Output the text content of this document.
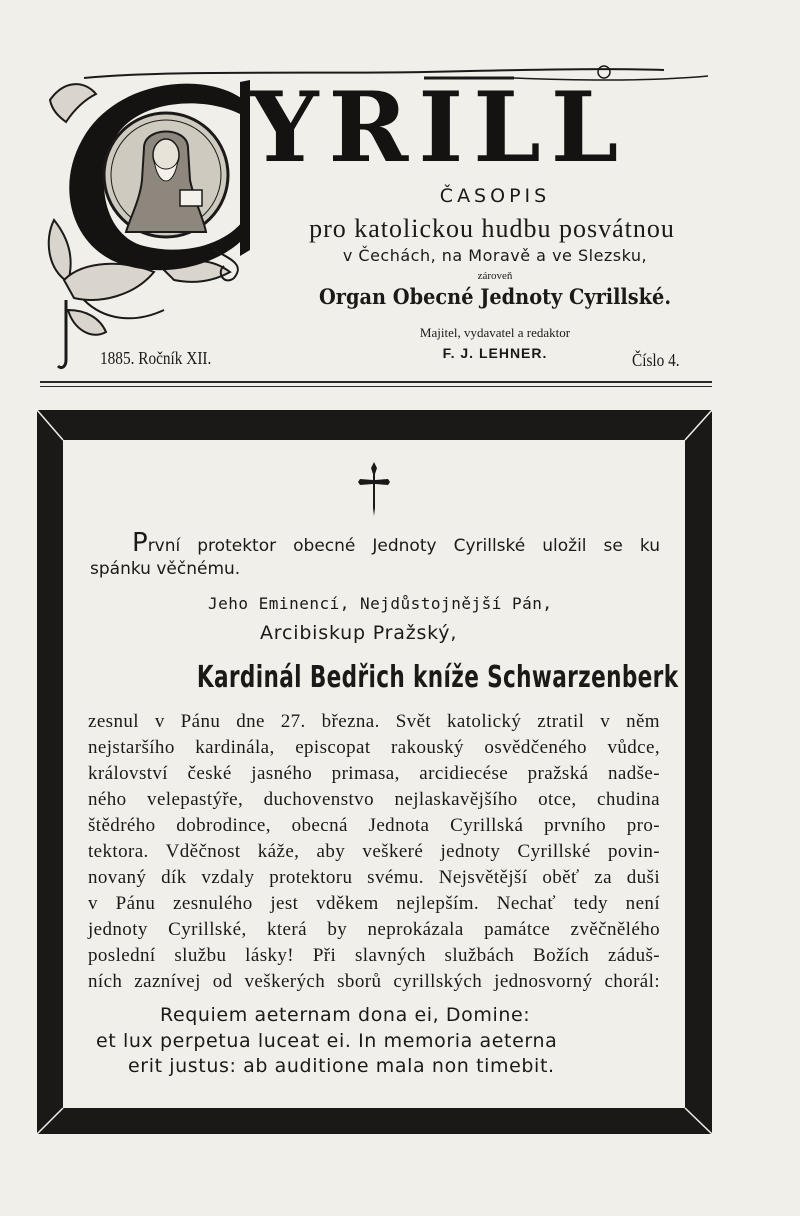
YRILL

ČASOPIS

pro katolickou hudbu posvátnou

v Čechách, na Moravě a ve Slezsku,

zároveň

Organ Obecné Jednoty Cyrillské.

Majitel, vydavatel a redaktor

F. J. LEHNER.

1885. Ročník XII.	Číslo 4.

První protektor obecné Jednoty Cyrillské uložil se ku

spánku věčnému.

Jeho Eminencí, Nejdůstojnější Pán,

Arcibiskup Pražský,

Kardinál Bedřich kníže Schwarzenberk

zesnul v Pánu dne 27. března. Svět katolický ztratil v něm

nejstaršího kardinála, episcopat rakouský osvědčeného vůdce,

království české jasného primasa, arcidiecése pražská nadše-

ného velepastýře, duchovenstvo nejlaskavějšího otce, chudina

štědrého dobrodince, obecná Jednota Cyrillská prvního pro-

tektora. Vděčnost káže, aby veškeré jednoty Cyrillské povin-

novaný dík vzdaly protektoru svému. Nejsvětější oběť za duši

v Pánu zesnulého jest vděkem nejlepším. Nechať tedy není

jednoty Cyrillské, která by neprokázala památce zvěčnělého

poslední službu lásky! Při slavných službách Božích záduš-

ních zaznívej od veškerých sborů cyrillských jednosvorný chorál:

Requiem aeternam dona ei, Domine:

et lux perpetua luceat ei. In memoria aeterna

erit justus: ab auditione mala non timebit.
